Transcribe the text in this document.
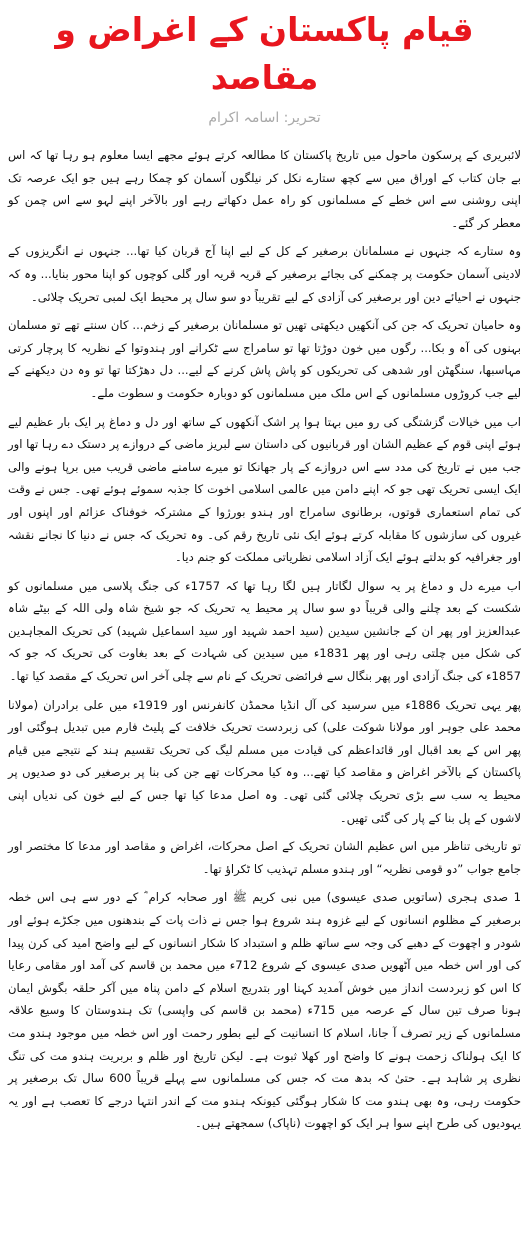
قیام پاکستان کے اغراض و مقاصد
تحریر: اسامہ اکرام

لائبریری کے پرسکون ماحول میں تاریخ پاکستان کا مطالعہ کرتے ہوئے مجھے ایسا معلوم ہو رہا تھا کہ اس بے جان کتاب کے اوراق میں سے کچھ ستارے نکل کر نیلگوں آسمان کو چمکا رہے ہیں جو ایک عرصہ تک اپنی روشنی سے اس خطے کے مسلمانوں کو راہ عمل دکھاتے رہے اور بالآخر اپنے لہو سے اس چمن کو معطر کر گئے۔

وہ ستارے کہ جنہوں نے مسلمانان برصغیر کے کل کے لیے اپنا آج قربان کیا تھا... جنہوں نے انگریزوں کے لادینی آسمان حکومت پر چمکنے کی بجائے برصغیر کے قریہ قریہ اور گلی کوچوں کو اپنا محور بنایا... وہ کہ جنہوں نے احیائے دین اور برصغیر کی آزادی کے لیے تقریباً دو سو سال پر محیط ایک لمبی تحریک چلائی۔

وہ حامیان تحریک کہ جن کی آنکھیں دیکھتی تھیں تو مسلمانان برصغیر کے زخم... کان سنتے تھے تو مسلمان بہنوں کی آہ و بکا... رگوں میں خون دوڑتا تھا تو سامراج سے ٹکرانے اور ہندوتوا کے نظریہ کا پرچار کرتی مہاسبھا، سنگھٹن اور شدھی کی تحریکوں کو پاش پاش کرنے کے لیے... دل دھڑکتا تھا تو وہ دن دیکھنے کے لیے جب کروڑوں مسلمانوں کے اس ملک میں مسلمانوں کو دوبارہ حکومت و سطوت ملے۔

اب میں خیالات گزشتگی کی رو میں بہتا ہوا پر اشک آنکھوں کے ساتھ اور دل و دماغ پر ایک بار عظیم لیے ہوئے اپنی قوم کے عظیم الشان اور قربانیوں کی داستان سے لبریز ماضی کے دروازے پر دستک دے رہا تھا اور جب میں نے تاریخ کی مدد سے اس دروازے کے پار جھانکا تو میرے سامنے ماضی قریب میں برپا ہونے والی ایک ایسی تحریک تھی جو کہ اپنے دامن میں عالمی اسلامی اخوت کا جذبہ سموئے ہوئے تھی۔ جس نے وقت کی تمام استعماری قوتوں، برطانوی سامراج اور ہندو بورژوا کے مشترکہ خوفناک عزائم اور اپنوں اور غیروں کی سازشوں کا مقابلہ کرتے ہوئے ایک نئی تاریخ رقم کی۔ وہ تحریک کہ جس نے دنیا کا نجانے نقشہ اور جغرافیہ کو بدلتے ہوئے ایک آزاد اسلامی نظریاتی مملکت کو جنم دیا۔

اب میرے دل و دماغ پر یہ سوال لگاتار ہیں لگا رہا تھا کہ 1757ء کی جنگ پلاسی میں مسلمانوں کو شکست کے بعد چلنے والی قریباً دو سو سال پر محیط یہ تحریک کہ جو شیخ شاہ ولی اللہ کے بیٹے شاہ عبدالعزیز اور پھر ان کے جانشین سیدین (سید احمد شہید اور سید اسماعیل شہید) کی تحریک المجاہدین کی شکل میں چلتی رہی اور پھر 1831ء میں سیدین کی شہادت کے بعد بغاوت کی تحریک کہ جو کہ 1857ء کی جنگ آزادی اور پھر بنگال سے فرائضی تحریک کے نام سے چلی آخر اس تحریک کے مقصد کیا تھا۔

پھر یہی تحریک 1886ء میں سرسید کی آل انڈیا محمڈن کانفرنس اور 1919ء میں علی برادران (مولانا محمد علی جوہر اور مولانا شوکت علی) کی زبردست تحریک خلافت کے پلیٹ فارم میں تبدیل ہوگئی اور پھر اس کے بعد اقبال اور قائداعظم کی قیادت میں مسلم لیگ کی تحریک تقسیم ہند کے نتیجے میں قیام پاکستان کے بالآخر اغراض و مقاصد کیا تھے... وہ کیا محرکات تھے جن کی بنا پر برصغیر کی دو صدیوں پر محیط یہ سب سے بڑی تحریک چلائی گئی تھی۔ وہ اصل مدعا کیا تھا جس کے لیے خون کی ندیاں اپنی لاشوں کے پل بنا کے پار کی گئی تھیں۔

تو تاریخی تناظر میں اس عظیم الشان تحریک کے اصل محرکات، اغراض و مقاصد اور مدعا کا مختصر اور جامع جواب ”دو قومی نظریہ“ اور ہندو مسلم تہذیب کا ٹکراؤ تھا۔

1 صدی ہجری (ساتویں صدی عیسوی) میں نبی کریم ﷺ اور صحابہ کرام ؓ کے دور سے ہی اس خطہ برصغیر کے مظلوم انسانوں کے لیے غزوہ ہند شروع ہوا جس نے ذات پات کے بندھنوں میں جکڑے ہوئے اور شودر و اچھوت کے دھبے کی وجہ سے ساتھ ظلم و استبداد کا شکار انسانوں کے لیے واضح امید کی کرن پیدا کی اور اس خطہ میں آٹھویں صدی عیسوی کے شروع 712ء میں محمد بن قاسم کی آمد اور مقامی رعایا کا اس کو زبردست انداز میں خوش آمدید کہنا اور بتدریج اسلام کے دامن پناہ میں آکر حلقہ بگوش ایمان ہونا صرف تین سال کے عرصہ میں 715ء (محمد بن قاسم کی واپسی) تک ہندوستان کا وسیع علاقہ مسلمانوں کے زیر تصرف آ جانا، اسلام کا انسانیت کے لیے بطور رحمت اور اس خطہ میں موجود ہندو مت کا ایک ہولناک زحمت ہونے کا واضح اور کھلا ثبوت ہے۔ لیکن تاریخ اور ظلم و بربریت ہندو مت کی تنگ نظری پر شاہد ہے۔ حتیٰ کہ بدھ مت کہ جس کی مسلمانوں سے پہلے قریباً 600 سال تک برصغیر پر حکومت رہی، وہ بھی ہندو مت کا شکار ہوگئی کیونکہ ہندو مت کے اندر انتہا درجے کا تعصب ہے اور یہ یہودیوں کی طرح اپنے سوا ہر ایک کو اچھوت (ناپاک) سمجھتے ہیں۔
